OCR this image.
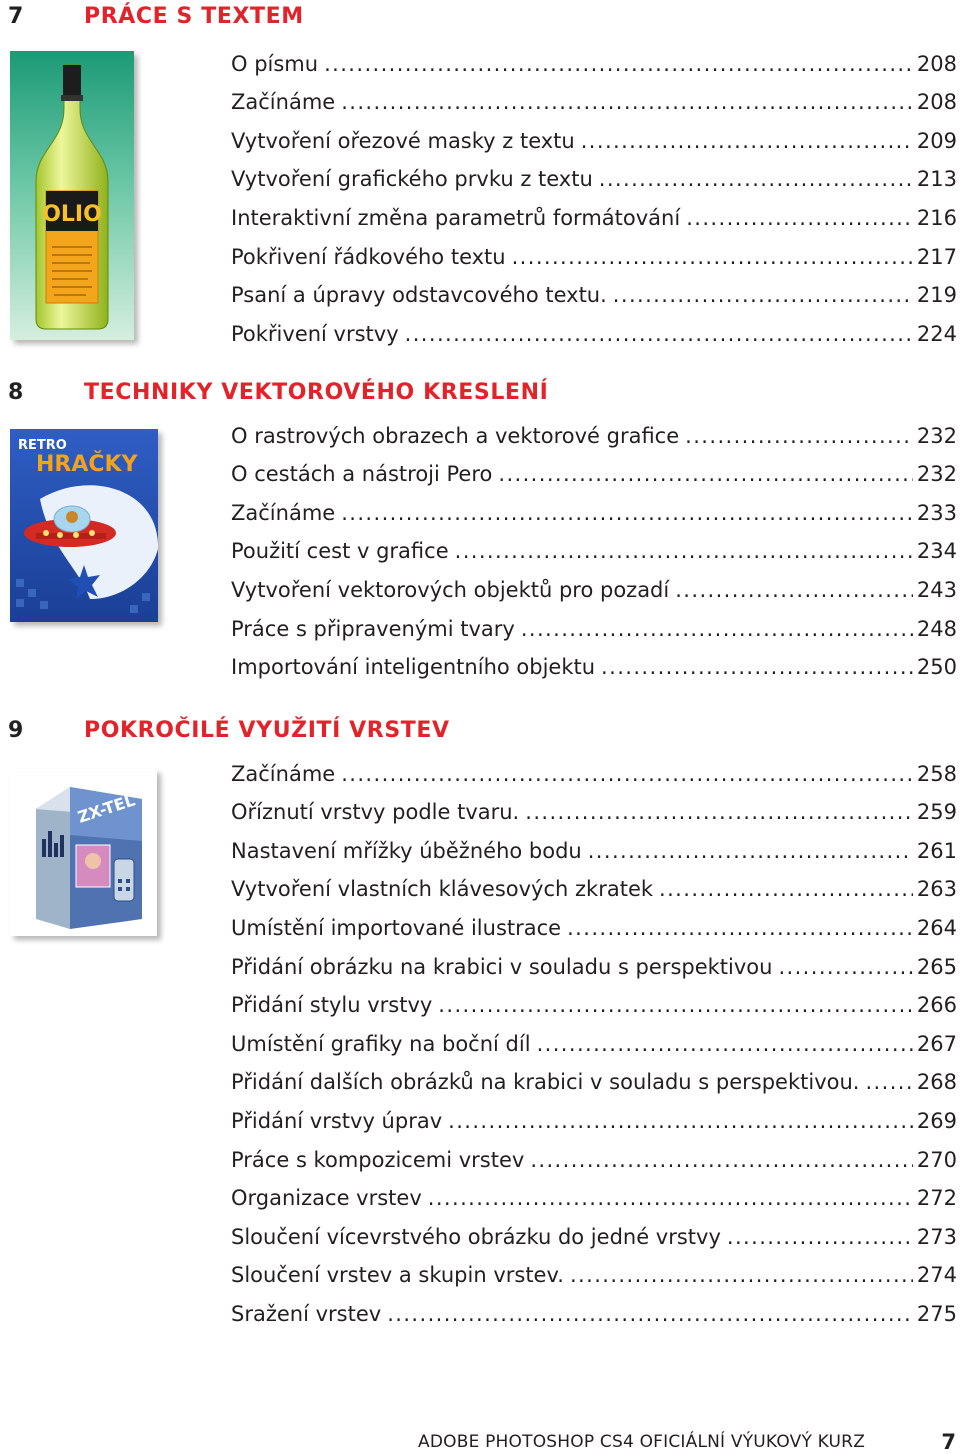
7	PRÁCE S TEXTEM
OLIO
O písmu .....	208
Začínáme .....	208
Vytvoření ořezové masky z textu .....	209
Vytvoření grafického prvku z textu .....	213
Interaktivní změna parametrů formátování .....	216
Pokřivení řádkového textu .....	217
Psaní a úpravy odstavcového textu. .....	219
Pokřivení vrstvy .....	224
8	TECHNIKY VEKTOROVÉHO KRESLENÍ
RETRO
HRAČKY
O rastrových obrazech a vektorové grafice .....	232
O cestách a nástroji Pero .....	232
Začínáme .....	233
Použití cest v grafice .....	234
Vytvoření vektorových objektů pro pozadí .....	243
Práce s připravenými tvary .....	248
Importování inteligentního objektu .....	250
9	POKROČILÉ VYUŽITÍ VRSTEV
ZX-TEL
Začínáme .....	258
Oříznutí vrstvy podle tvaru. .....	259
Nastavení mřížky úběžného bodu .....	261
Vytvoření vlastních klávesových zkratek .....	263
Umístění importované ilustrace .....	264
Přidání obrázku na krabici v souladu s perspektivou .....	265
Přidání stylu vrstvy .....	266
Umístění grafiky na boční díl .....	267
Přidání dalších obrázků na krabici v souladu s perspektivou. .....	268
Přidání vrstvy úprav .....	269
Práce s kompozicemi vrstev .....	270
Organizace vrstev .....	272
Sloučení vícevrstvého obrázku do jedné vrstvy .....	273
Sloučení vrstev a skupin vrstev. .....	274
Sražení vrstev .....	275
ADOBE PHOTOSHOP CS4 OFICIÁLNÍ VÝUKOVÝ KURZ	7
